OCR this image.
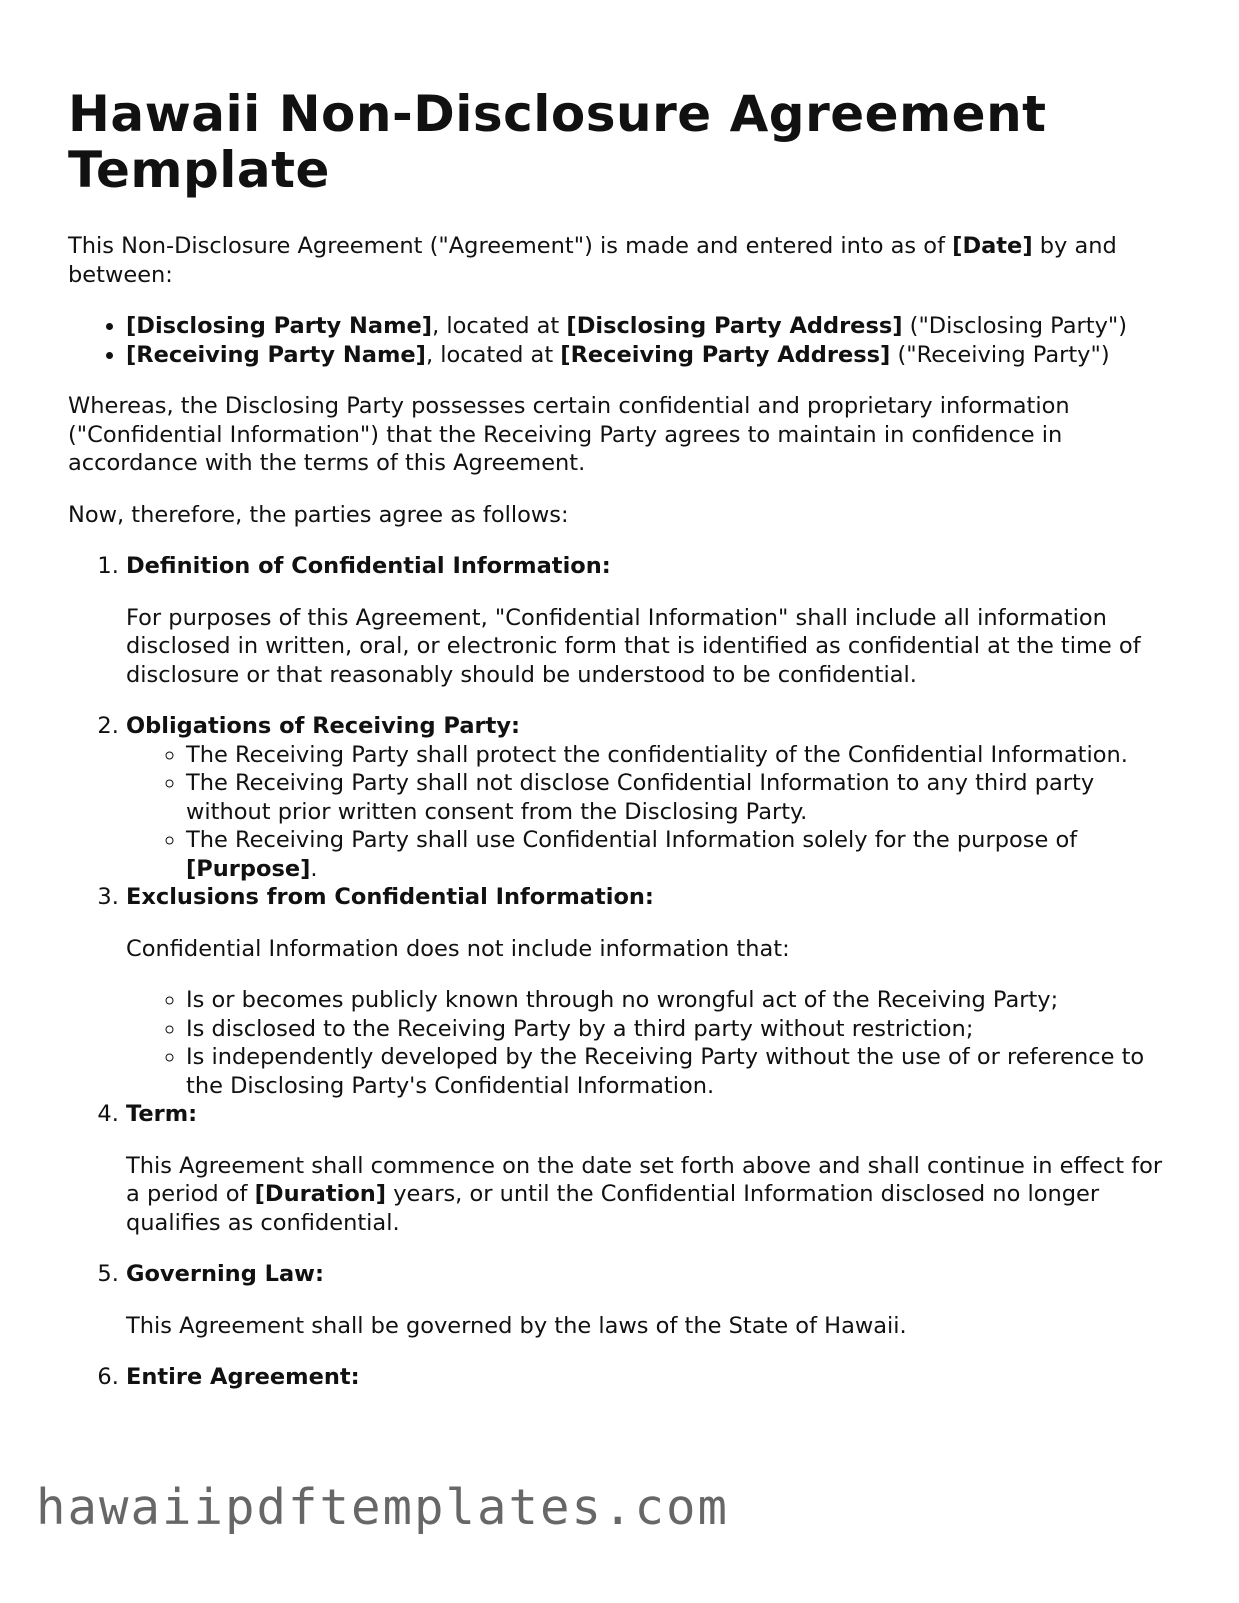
Hawaii Non-Disclosure Agreement Template

This Non-Disclosure Agreement ("Agreement") is made and entered into as of [Date] by and between:

• [Disclosing Party Name], located at [Disclosing Party Address] ("Disclosing Party")
• [Receiving Party Name], located at [Receiving Party Address] ("Receiving Party")

Whereas, the Disclosing Party possesses certain confidential and proprietary information ("Confidential Information") that the Receiving Party agrees to maintain in confidence in accordance with the terms of this Agreement.

Now, therefore, the parties agree as follows:

1. Definition of Confidential Information:

For purposes of this Agreement, "Confidential Information" shall include all information disclosed in written, oral, or electronic form that is identified as confidential at the time of disclosure or that reasonably should be understood to be confidential.

2. Obligations of Receiving Party:
◦ The Receiving Party shall protect the confidentiality of the Confidential Information.
◦ The Receiving Party shall not disclose Confidential Information to any third party without prior written consent from the Disclosing Party.
◦ The Receiving Party shall use Confidential Information solely for the purpose of [Purpose].
3. Exclusions from Confidential Information:

Confidential Information does not include information that:

◦ Is or becomes publicly known through no wrongful act of the Receiving Party;
◦ Is disclosed to the Receiving Party by a third party without restriction;
◦ Is independently developed by the Receiving Party without the use of or reference to the Disclosing Party's Confidential Information.
4. Term:

This Agreement shall commence on the date set forth above and shall continue in effect for a period of [Duration] years, or until the Confidential Information disclosed no longer qualifies as confidential.

5. Governing Law:

This Agreement shall be governed by the laws of the State of Hawaii.

6. Entire Agreement:
hawaiipdftemplates.com
